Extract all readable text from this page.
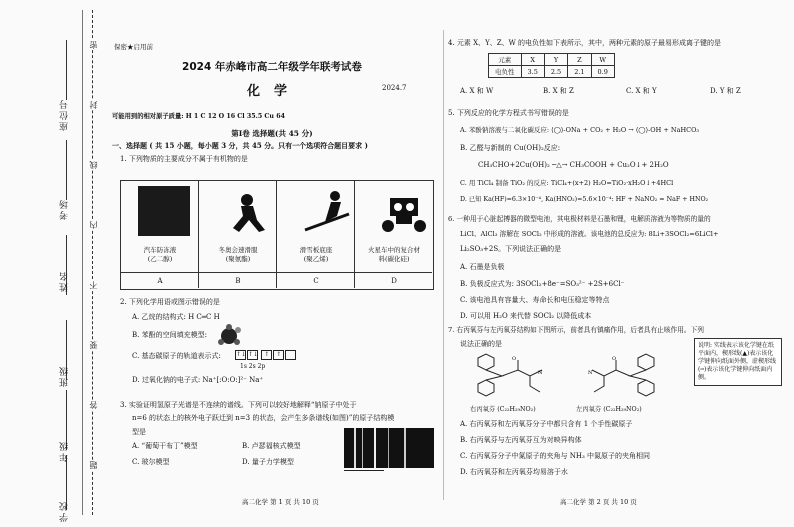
座位号
考场
姓名
班级
年级
学校
密
封
线
内
不
要
答
题
保密★启用前
2024 年赤峰市高二年级学年联考试卷
化学	2024.7
可能用到的相对原子质量: H 1 C 12 O 16 Cl 35.5 Cu 64
第Ⅰ卷 选择题(共 45 分)
一、选择题 ( 共 15 小题，每小题 3 分，共 45 分。只有一个选项符合题目要求 )
1. 下列物质的主要成分不属于有机物的是
汽车防冻液
(乙二醇)
冬奥会速滑服
(聚氨酯)
滑雪板底座
(聚乙烯)
火星车中的复合材
料(碳化硅)
A	B	C	D
2. 下列化学用语或图示错误的是
A. 乙烷的结构式: H C═C H
B. 苯酚的空间填充模型:
C. 基态碳原子的轨道表示式:	↑↓ ↑↓ ↑ ↑
1s 2s 2p
D. 过氧化钠的电子式: Na⁺[:O:O:]²⁻ Na⁺
3. 实验证明氢原子光谱是不连续的谱线。下列可以较好地解释“钠原子中处于
n=6 的状态上的核外电子跃迁到 n=3 的状态，会产生多条谱线(如图)”的原子结构模
型是
A. “葡萄干布丁”模型	B. 卢瑟福核式模型
C. 玻尔模型	D. 量子力学模型
高二化学 第 1 页 共 10 页
4. 元素 X、Y、Z、W 的电负性如下表所示，其中，两种元素的原子最易形成离子键的是
元素	X	Y	Z	W
电负性	3.5	2.5	2.1	0.9
A. X 和 W	B. X 和 Z	C. X 和 Y	D. Y 和 Z
5. 下列反应的化学方程式书写错误的是
A. 苯酚钠溶液与二氧化碳反应: ⟨◯⟩-ONa + CO₂ + H₂O → ⟨◯⟩-OH + NaHCO₃
B. 乙醛与新制的 Cu(OH)₂反应:
CH₃CHO+2Cu(OH)₂ ─△→ CH₃COOH + Cu₂O↓+ 2H₂O
C. 用 TiCl₄ 制备 TiO₂ 的反应: TiCl₄+(x+2) H₂O=TiO₂·xH₂O↓+4HCl
D. 已知 Ka(HF)=6.3×10⁻⁴, Ka(HNO₂)=5.6×10⁻⁴: HF + NaNO₂ = NaF + HNO₂
6. 一种用于心脏起搏器的微型电池，其电极材料是石墨和锂，电解质溶液为等物质的量的
LiCl、AlCl₃ 溶解在 SOCl₂ 中形成的溶液。该电池的总反应为: 8Li+3SOCl₂=6LiCl+
Li₂SO₃+2S。下列说法正确的是
A. 石墨是负极
B. 负极反应式为: 3SOCl₂+8e⁻=SO₃²⁻ +2S+6Cl⁻
C. 该电池具有容量大、寿命长和电压稳定等特点
D. 可以用 H₂O 来代替 SOCl₂ 以降低成本
7. 右丙氧芬与左丙氧芬结构如下图所示，前者具有镇痛作用，后者具有止咳作用。下列
说法正确的是
N
O
N
O
说明: 实线表示该化学键在纸平面内，楔形线(▲)表示该化学键伸向纸面外侧，虚楔形线(┅)表示该化学键伸向纸面内侧。
右丙氧芬 (C₂₂H₂₉NO₂)	左丙氧芬 (C₂₂H₂₉NO₂)
A. 右丙氧芬和左丙氧芬分子中都只含有 1 个手性碳原子
B. 右丙氧芬与左丙氧芬互为对映异构体
C. 右丙氧芬分子中氮原子的夹角与 NH₃ 中氮原子的夹角相同
D. 右丙氧芬和左丙氧芬均易溶于水
高二化学 第 2 页 共 10 页
